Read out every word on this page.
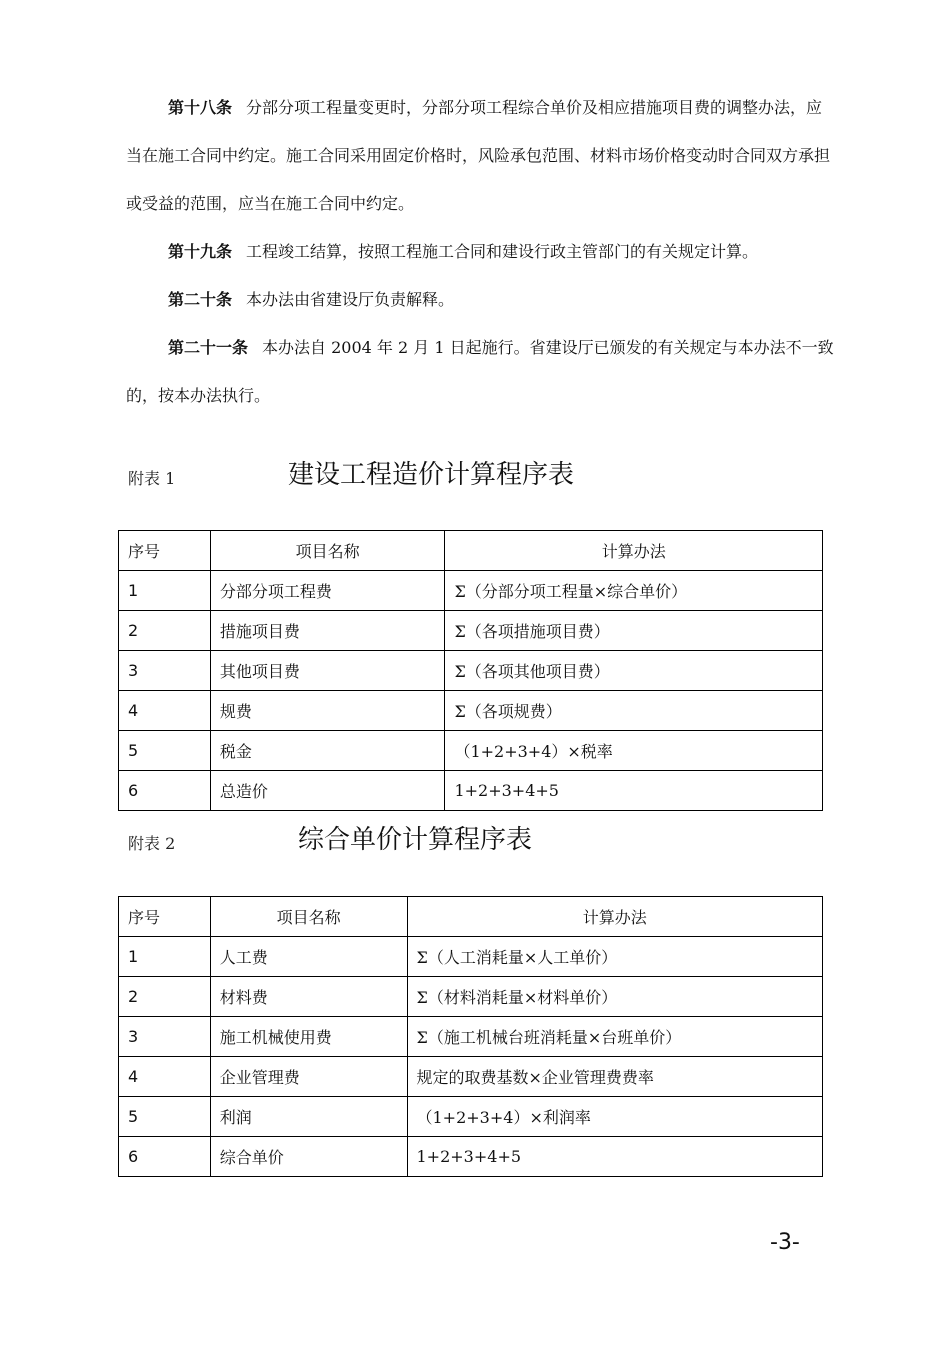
第十八条 分部分项工程量变更时，分部分项工程综合单价及相应措施项目费的调整办法，应当在施工合同中约定。施工合同采用固定价格时，风险承包范围、材料市场价格变动时合同双方承担或受益的范围，应当在施工合同中约定。

第十九条 工程竣工结算，按照工程施工合同和建设行政主管部门的有关规定计算。

第二十条 本办法由省建设厅负责解释。

第二十一条 本办法自 2004 年 2 月 1 日起施行。省建设厅已颁发的有关规定与本办法不一致的，按本办法执行。

附表 1	建设工程造价计算程序表
序号	项目名称	计算办法
1	分部分项工程费	Σ（分部分项工程量×综合单价）
2	措施项目费	Σ（各项措施项目费）
3	其他项目费	Σ（各项其他项目费）
4	规费	Σ（各项规费）
5	税金	（1+2+3+4）×税率
6	总造价	1+2+3+4+5
附表 2	综合单价计算程序表
序号	项目名称	计算办法
1	人工费	Σ（人工消耗量×人工单价）
2	材料费	Σ（材料消耗量×材料单价）
3	施工机械使用费	Σ（施工机械台班消耗量×台班单价）
4	企业管理费	规定的取费基数×企业管理费费率
5	利润	（1+2+3+4）×利润率
6	综合单价	1+2+3+4+5
-3-
